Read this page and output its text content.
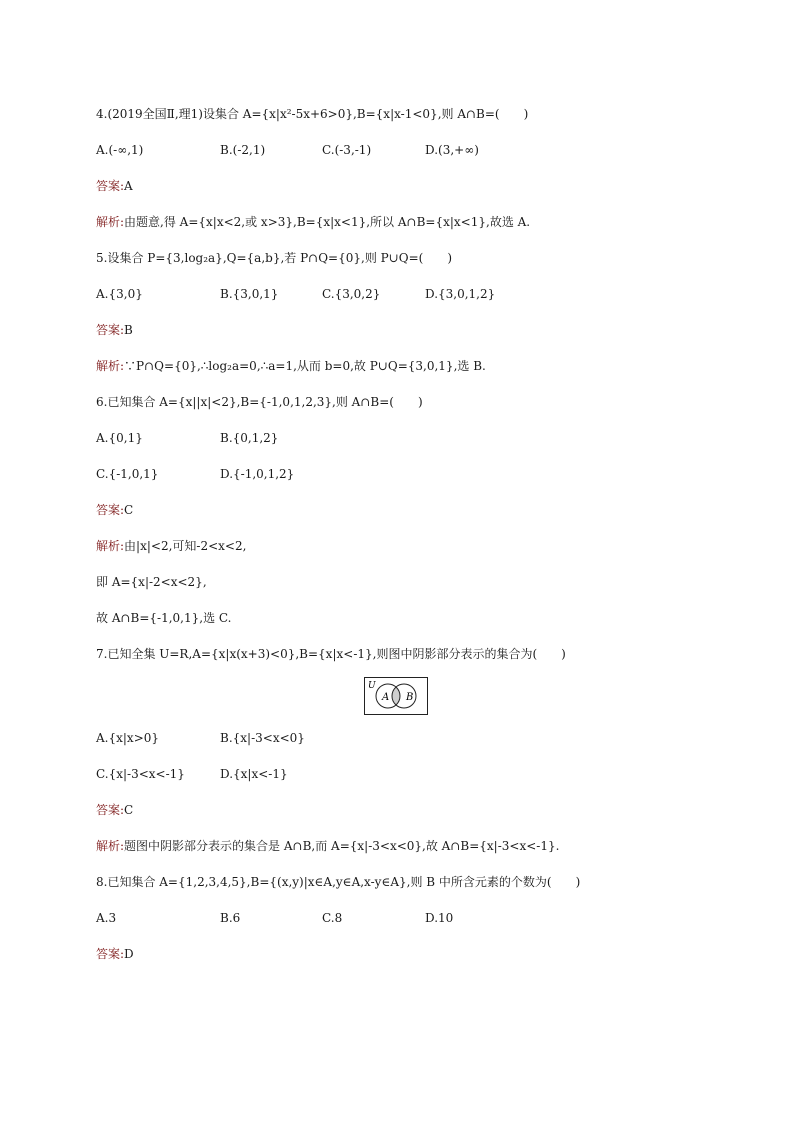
4.(2019全国Ⅱ,理1)设集合 A={x|x²-5x+6>0},B={x|x-1<0},则 A∩B=(　　)
A.(-∞,1)	B.(-2,1)	C.(-3,-1)	D.(3,+∞)
答案:A
解析:由题意,得 A={x|x<2,或 x>3},B={x|x<1},所以 A∩B={x|x<1},故选 A.
5.设集合 P={3,log₂a},Q={a,b},若 P∩Q={0},则 P∪Q=(　　)
A.{3,0}	B.{3,0,1}	C.{3,0,2}	D.{3,0,1,2}
答案:B
解析:∵P∩Q={0},∴log₂a=0,∴a=1,从而 b=0,故 P∪Q={3,0,1},选 B.
6.已知集合 A={x||x|<2},B={-1,0,1,2,3},则 A∩B=(　　)
A.{0,1}	B.{0,1,2}
C.{-1,0,1}	D.{-1,0,1,2}
答案:C
解析:由|x|<2,可知-2<x<2,
即 A={x|-2<x<2},
故 A∩B={-1,0,1},选 C.
7.已知全集 U=R,A={x|x(x+3)<0},B={x|x<-1},则图中阴影部分表示的集合为(　　)
U
A B
A.{x|x>0}	B.{x|-3<x<0}
C.{x|-3<x<-1}	D.{x|x<-1}
答案:C
解析:题图中阴影部分表示的集合是 A∩B,而 A={x|-3<x<0},故 A∩B={x|-3<x<-1}.
8.已知集合 A={1,2,3,4,5},B={(x,y)|x∈A,y∈A,x-y∈A},则 B 中所含元素的个数为(　　)
A.3	B.6	C.8	D.10
答案:D
